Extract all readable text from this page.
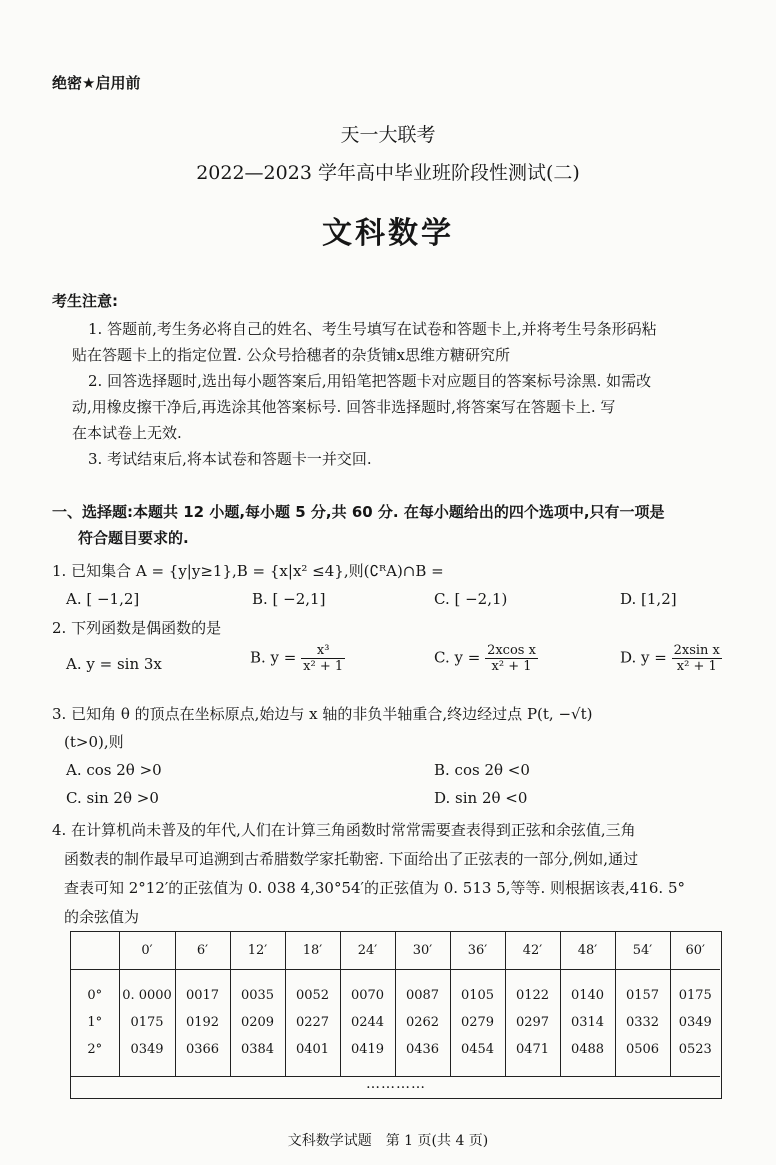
绝密★启用前
天一大联考
2022—2023 学年高中毕业班阶段性测试(二)
文科数学
考生注意:
1. 答题前,考生务必将自己的姓名、考生号填写在试卷和答题卡上,并将考生号条形码粘
贴在答题卡上的指定位置. 公众号拾穗者的杂货铺x思维方糖研究所
2. 回答选择题时,选出每小题答案后,用铅笔把答题卡对应题目的答案标号涂黑. 如需改
动,用橡皮擦干净后,再选涂其他答案标号. 回答非选择题时,将答案写在答题卡上. 写
在本试卷上无效.
3. 考试结束后,将本试卷和答题卡一并交回.
一、选择题:本题共 12 小题,每小题 5 分,共 60 分. 在每小题给出的四个选项中,只有一项是
符合题目要求的.
1. 已知集合 A = {y|y≥1},B = {x|x² ≤4},则(∁ᴿA)∩B =
A. [ −1,2]	B. [ −2,1]	C. [ −2,1)	D. [1,2]
2. 下列函数是偶函数的是
A. y = sin 3x	B. $y = \frac{\text{x³}}{\text{x² + 1}}$	C. $y = \frac{\text{2xcos x}}{\text{x² + 1}}$	D. $y = \frac{\text{2xsin x}}{\text{x² + 1}}$
3. 已知角 θ 的顶点在坐标原点,始边与 x 轴的非负半轴重合,终边经过点 P(t, −√t)
(t>0),则
A. cos 2θ >0	B. cos 2θ <0
C. sin 2θ >0	D. sin 2θ <0
4. 在计算机尚未普及的年代,人们在计算三角函数时常常需要查表得到正弦和余弦值,三角
函数表的制作最早可追溯到古希腊数学家托勒密. 下面给出了正弦表的一部分,例如,通过
查表可知 2°12′的正弦值为 0. 038 4,30°54′的正弦值为 0. 513 5,等等. 则根据该表,416. 5°
的余弦值为
	0′	6′	12′	18′	24′	30′	36′	42′	48′	54′	60′

0°	0. 0000	0017	0035	0052	0070	0087	0105	0122	0140	0157	0175
1°	0175	0192	0209	0227	0244	0262	0279	0297	0314	0332	0349
2°	0349	0366	0384	0401	0419	0436	0454	0471	0488	0506	0523

…………
文科数学试题　第 1 页(共 4 页)
